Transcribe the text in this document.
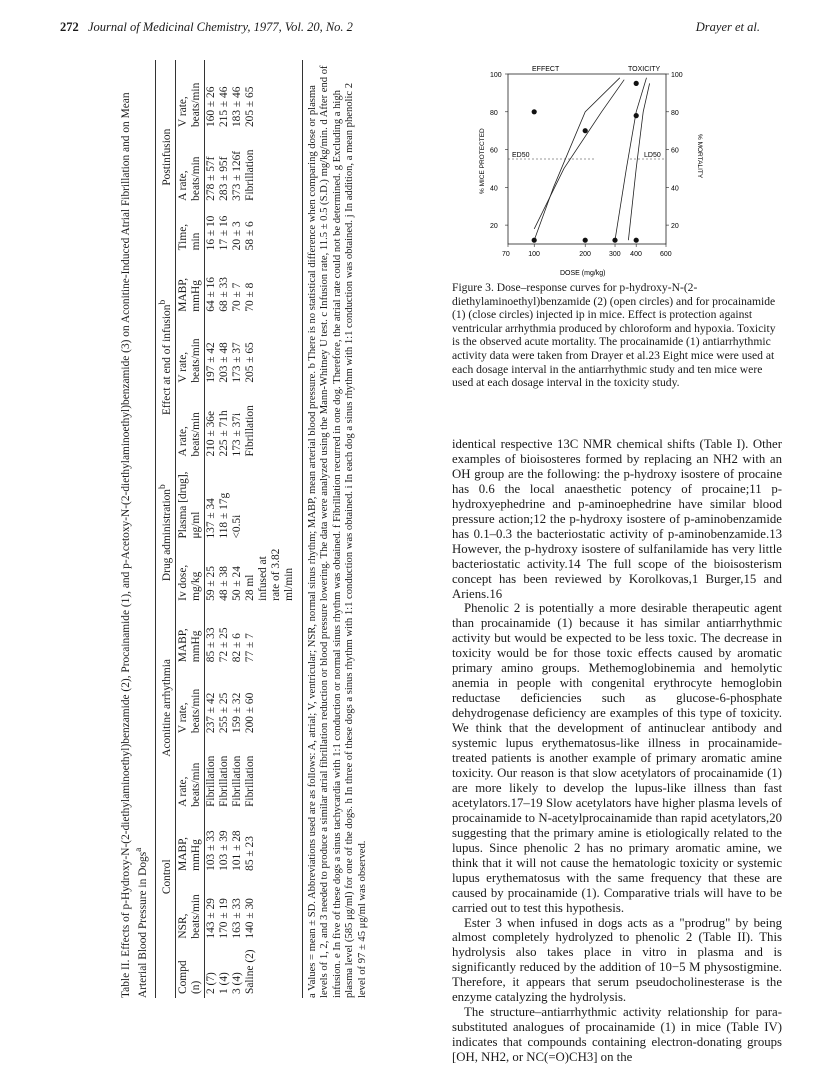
272 Journal of Medicinal Chemistry, 1977, Vol. 20, No. 2	Drayer et al.
Table II. Effects of p-Hydroxy-N-(2-diethylaminoethyl)benzamide (2), Procainamide (1), and p-Acetoxy-N-(2-diethylaminoethyl)benzamide (3) on Aconitine-Induced Atrial Fibrillation and on Mean Arterial Blood Pressure in Dogs$^a$
	Control		Aconitine arrhythmia			Drug administration$^b$		Effect at end of infusion$^b$			Postinfusion		
Compd (n)	NSR, beats/min	MABP, mmHg	A rate, beats/min	V rate, beats/min	MABP, mmHg	Iv dose, mg/kg	Plasma [drug], μg/ml	A rate, beats/min	V rate, beats/min	MABP, mmHg	Time, min	A rate, beats/min	V rate, beats/min
2 (7)	143 ± 29	103 ± 33	Fibrillation	237 ± 42	85 ± 33	59 ± 25	137 ± 34	210 ± 36e	197 ± 42	64 ± 16	16 ± 10	278 ± 57f	160 ± 26
1 (4)	170 ± 19	103 ± 39	Fibrillation	255 ± 25	72 ± 25	48 ± 38	118 ± 17g	225 ± 71h	203 ± 48	68 ± 33	17 ± 16	283 ± 95f	215 ± 46
3 (4)	163 ± 33	101 ± 28	Fibrillation	159 ± 32	82 ± 6	50 ± 24	<0.5i	173 ± 37i	173 ± 37	70 ± 7	20 ± 3	373 ± 126f	183 ± 46
Saline (2)	140 ± 30	85 ± 23	Fibrillation	200 ± 60	77 ± 7	28 ml infused at rate of 3.82 ml/min		Fibrillation	205 ± 65	70 ± 8	58 ± 6	Fibrillation	205 ± 65	a Values = mean ± SD. Abbreviations used are as follows: A, atrial; V, ventricular; NSR, normal sinus rhythm; MABP, mean arterial blood pressure. b There is no statistical difference when comparing dose or plasma levels of 1, 2, and 3 needed to produce a similar atrial fibrillation reduction or blood pressure lowering. The data were analyzed using the Mann-Whitney U test. c Infusion rate, 11.5 ± 0.5 (S.D.) mg/kg/min. d After end of infusion. e In five of these dogs a sinus tachycardia with 1:1 conduction or normal sinus rhythm was obtained. f Fibrillation recurred in one dog. Therefore, the atrial rate could not be determined. g Excluding a high plasma level (585 μg/ml) for one of the dogs. h In three of these dogs a sinus rhythm with 1:1 conduction was obtained. i In each dog a sinus rhythm with 1:1 conduction was obtained. j In addition, a mean phenolic 2 level of 97 ± 45 μg/ml was observed.
EFFECT	TOXICITY
% MICE PROTECTED	% MORTALITY
DOSE (mg/kg)
70	100	200	300 400	600
100
80
60
40
20
100
80
60
40
20
ED50	LD50
Figure 3. Dose–response curves for p-hydroxy-N-(2-diethylaminoethyl)benzamide (2) (open circles) and for procainamide (1) (close circles) injected ip in mice. Effect is protection against ventricular arrhythmia produced by chloroform and hypoxia. Toxicity is the observed acute mortality. The procainamide (1) antiarrhythmic activity data were taken from Drayer et al.23 Eight mice were used at each dosage interval in the antiarrhythmic study and ten mice were used at each dosage interval in the toxicity study.

identical respective 13C NMR chemical shifts (Table I). Other examples of bioisosteres formed by replacing an NH2 with an OH group are the following: the p-hydroxy isostere of procaine has 0.6 the local anaesthetic potency of procaine;11 p-hydroxyephedrine and p-aminoephedrine have similar blood pressure action;12 the p-hydroxy isostere of p-aminobenzamide has 0.1–0.3 the bacteriostatic activity of p-aminobenzamide.13 However, the p-hydroxy isostere of sulfanilamide has very little bacteriostatic activity.14 The full scope of the bioisosterism concept has been reviewed by Korolkovas,1 Burger,15 and Ariens.16

Phenolic 2 is potentially a more desirable therapeutic agent than procainamide (1) because it has similar antiarrhythmic activity but would be expected to be less toxic. The decrease in toxicity would be for those toxic effects caused by aromatic primary amino groups. Methemoglobinemia and hemolytic anemia in people with congenital erythrocyte hemoglobin reductase deficiencies such as glucose-6-phosphate dehydrogenase deficiency are examples of this type of toxicity. We think that the development of antinuclear antibody and systemic lupus erythematosus-like illness in procainamide-treated patients is another example of primary aromatic amine toxicity. Our reason is that slow acetylators of procainamide (1) are more likely to develop the lupus-like illness than fast acetylators.17–19 Slow acetylators have higher plasma levels of procainamide to N-acetylprocainamide than rapid acetylators,20 suggesting that the primary amine is etiologically related to the lupus. Since phenolic 2 has no primary aromatic amine, we think that it will not cause the hematologic toxicity or systemic lupus erythematosus with the same frequency that these are caused by procainamide (1). Comparative trials will have to be carried out to test this hypothesis.

Ester 3 when infused in dogs acts as a "prodrug" by being almost completely hydrolyzed to phenolic 2 (Table II). This hydrolysis also takes place in vitro in plasma and is significantly reduced by the addition of 10−5 M physostigmine. Therefore, it appears that serum pseudocholinesterase is the enzyme catalyzing the hydrolysis.

The structure–antiarrhythmic activity relationship for para-substituted analogues of procainamide (1) in mice (Table IV) indicates that compounds containing electron-donating groups [OH, NH2, or NC(=O)CH3] on the
